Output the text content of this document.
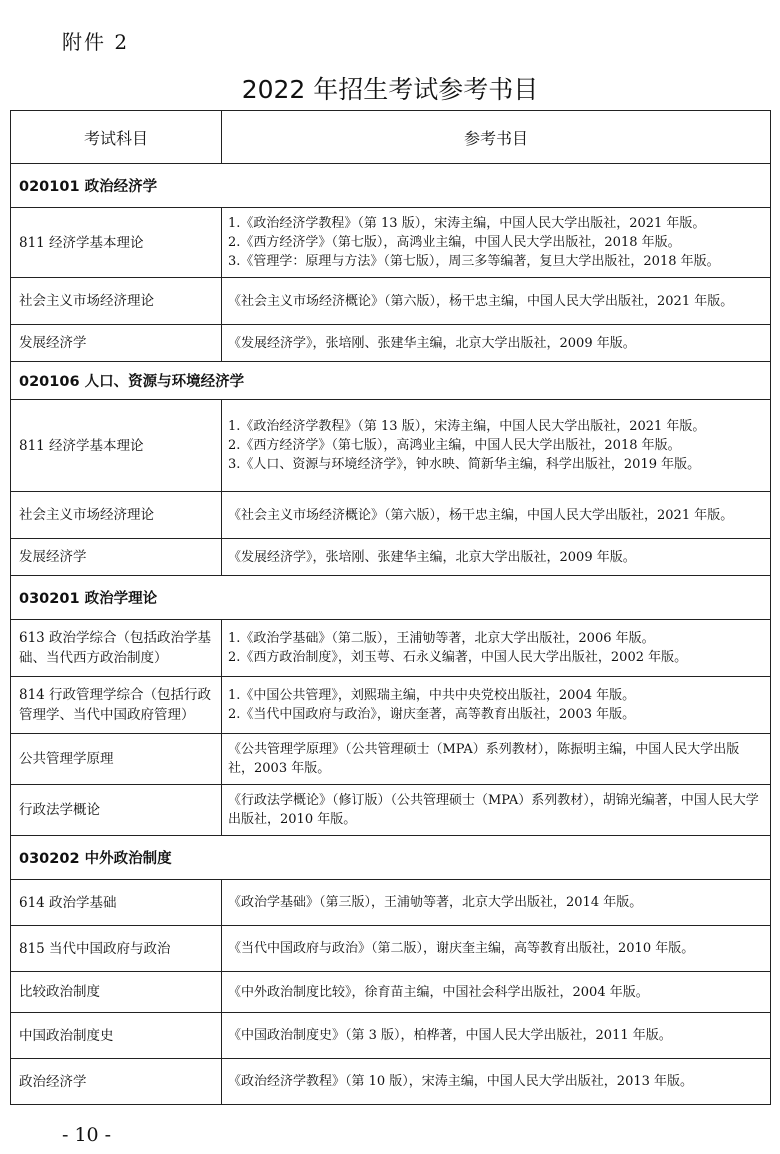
附件 2
2022 年招生考试参考书目
考试科目	参考书目
020101 政治经济学	
811 经济学基本理论	1.《政治经济学教程》（第 13 版），宋涛主编，中国人民大学出版社，2021 年版。
2.《西方经济学》（第七版），高鸿业主编，中国人民大学出版社，2018 年版。
3.《管理学：原理与方法》（第七版），周三多等编著，复旦大学出版社，2018 年版。

社会主义市场经济理论	《社会主义市场经济概论》（第六版），杨干忠主编，中国人民大学出版社，2021 年版。

发展经济学	《发展经济学》，张培刚、张建华主编，北京大学出版社，2009 年版。

020106 人口、资源与环境经济学	
811 经济学基本理论	1.《政治经济学教程》（第 13 版），宋涛主编，中国人民大学出版社，2021 年版。
2.《西方经济学》（第七版），高鸿业主编，中国人民大学出版社，2018 年版。
3.《人口、资源与环境经济学》，钟水映、简新华主编，科学出版社，2019 年版。

社会主义市场经济理论	《社会主义市场经济概论》（第六版），杨干忠主编，中国人民大学出版社，2021 年版。

发展经济学	《发展经济学》，张培刚、张建华主编，北京大学出版社，2009 年版。

030201 政治学理论	
613 政治学综合（包括政治学基础、当代西方政治制度）	1.《政治学基础》（第二版），王浦劬等著，北京大学出版社，2006 年版。
2.《西方政治制度》，刘玉萼、石永义编著，中国人民大学出版社，2002 年版。

814 行政管理学综合（包括行政管理学、当代中国政府管理）	1.《中国公共管理》，刘熙瑞主编，中共中央党校出版社，2004 年版。
2.《当代中国政府与政治》，谢庆奎著，高等教育出版社，2003 年版。

公共管理学原理	《公共管理学原理》（公共管理硕士（MPA）系列教材），陈振明主编，中国人民大学出版社，2003 年版。

行政法学概论	《行政法学概论》（修订版）（公共管理硕士（MPA）系列教材），胡锦光编著，中国人民大学出版社，2010 年版。

030202 中外政治制度	
614 政治学基础	《政治学基础》（第三版），王浦劬等著，北京大学出版社，2014 年版。

815 当代中国政府与政治	《当代中国政府与政治》（第二版），谢庆奎主编，高等教育出版社，2010 年版。

比较政治制度	《中外政治制度比较》，徐育苗主编，中国社会科学出版社，2004 年版。

中国政治制度史	《中国政治制度史》（第 3 版），柏桦著，中国人民大学出版社，2011 年版。

政治经济学	《政治经济学教程》（第 10 版），宋涛主编，中国人民大学出版社，2013 年版。
- 10 -
